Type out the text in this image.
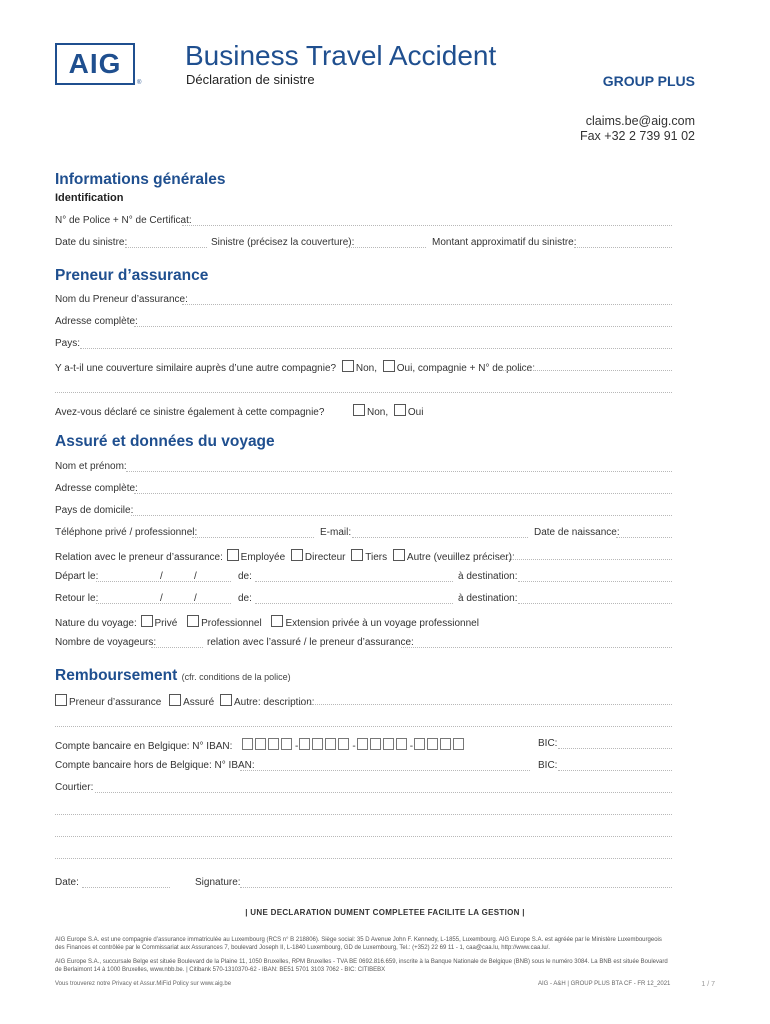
AIG
®
Business Travel Accident
Déclaration de sinistre	GROUP PLUS
claims.be@aig.com
Fax +32 2 739 91 02
Informations générales
Identification
N° de Police + N° de Certificat:
Date du sinistre:	Sinistre (précisez la couverture):	Montant approximatif du sinistre:
Preneur d’assurance
Nom du Preneur d’assurance:
Adresse complète:
Pays:
Y a-t-il une couverture similaire auprès d’une autre compagnie? Non, Oui, compagnie + N° de police:
Avez-vous déclaré ce sinistre également à cette compagnie?	Non, Oui
Assuré et données du voyage
Nom et prénom:
Adresse complète:
Pays de domicile:
Téléphone privé / professionnel:	E-mail:	Date de naissance:
Relation avec le preneur d’assurance: Employée Directeur Tiers Autre (veuillez préciser):
Départ le:	/	/	de:	à destination:
Retour le:	/	/	de:	à destination:
Nature du voyage: Privé Professionnel Extension privée à un voyage professionnel
Nombre de voyageurs:	relation avec l’assuré / le preneur d’assurance:
Remboursement (cfr. conditions de la police)
Preneur d’assurance Assuré Autre: description:
Compte bancaire en Belgique: N° IBAN:	-	-	-	BIC:
Compte bancaire hors de Belgique: N° IBAN:	BIC:
Courtier:
Date:	Signature:
| UNE DECLARATION DUMENT COMPLETEE FACILITE LA GESTION |
AIG Europe S.A. est une compagnie d’assurance immatriculée au Luxembourg (RCS n° B 218806). Siège social: 35 D Avenue John F. Kennedy, L-1855, Luxembourg. AIG Europe S.A. est agréée par le Ministère Luxembourgeois des Finances et contrôlée par le Commissariat aux Assurances 7, boulevard Joseph II, L-1840 Luxembourg, GD de Luxembourg, Tel.: (+352) 22 69 11 - 1, caa@caa.lu, http://www.caa.lu/.
AIG Europe S.A., succursale Belge est située Boulevard de la Plaine 11, 1050 Bruxelles, RPM Bruxelles - TVA BE 0692.816.659, inscrite à la Banque Nationale de Belgique (BNB) sous le numéro 3084. La BNB est située Boulevard de Berlaimont 14 à 1000 Bruxelles, www.nbb.be. | Citibank 570-1310370-62 - IBAN: BE51 5701 3103 7062 - BIC: CITIBEBX
Vous trouverez notre Privacy et Assur.MiFid Policy sur www.aig.be	AIG - A&H | GROUP PLUS BTA CF - FR 12_2021	1 / 7
